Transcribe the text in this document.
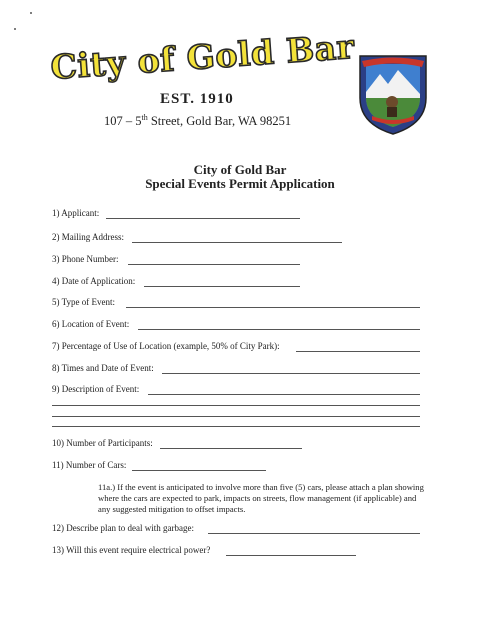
City of Gold Bar
EST. 1910
107 – 5th Street, Gold Bar, WA 98251
City of Gold Bar
Special Events Permit Application
1) Applicant:
2) Mailing Address:
3) Phone Number:
4) Date of Application:
5) Type of Event:
6) Location of Event:
7) Percentage of Use of Location (example, 50% of City Park):
8) Times and Date of Event:
9) Description of Event:
10) Number of Participants:
11) Number of Cars:
11a.) If the event is anticipated to involve more than five (5) cars, please attach a plan showing where the cars are expected to park, impacts on streets, flow management (if applicable) and any suggested mitigation to offset impacts.
12) Describe plan to deal with garbage:
13) Will this event require electrical power?
